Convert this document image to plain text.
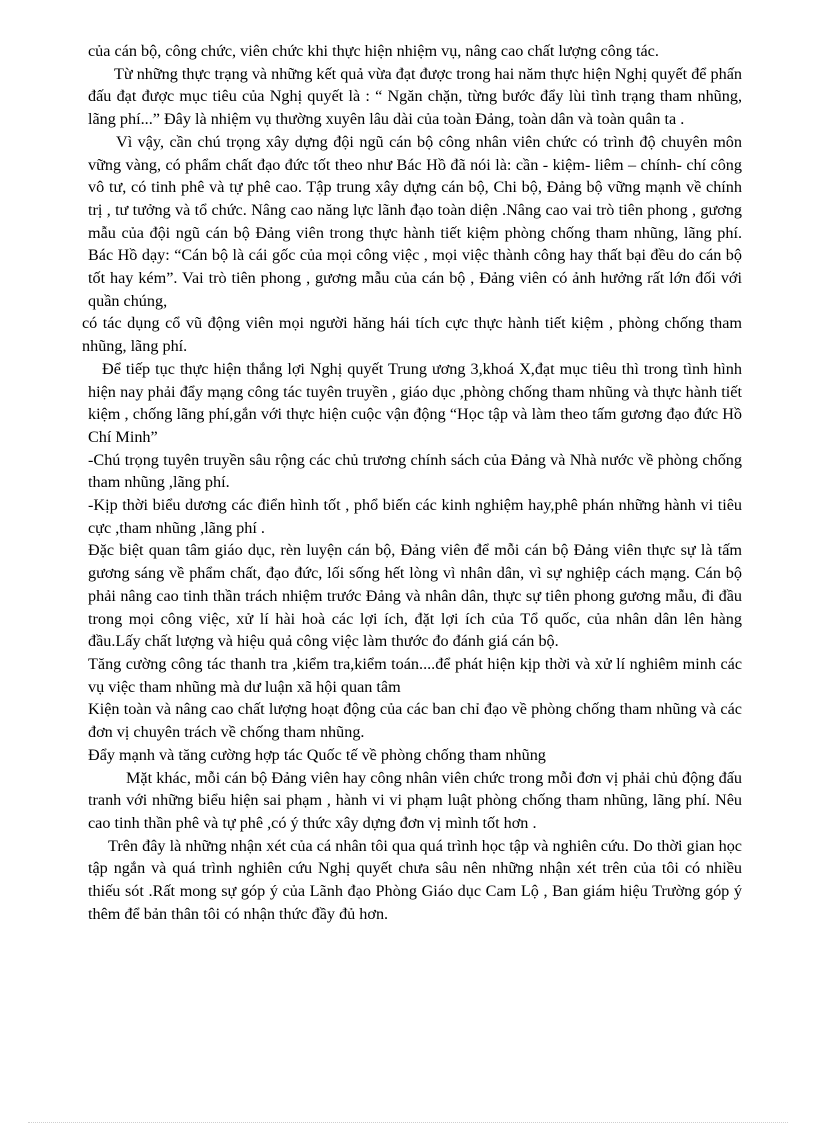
của cán bộ, công chức, viên chức khi thực hiện nhiệm vụ, nâng cao chất lượng công tác.

Từ những thực trạng và những kết quả vừa đạt được trong hai năm thực hiện Nghị quyết để phấn đấu đạt được mục tiêu của Nghị quyết là : “ Ngăn chặn, từng bước đẩy lùi tình trạng tham nhũng, lãng phí...” Đây là nhiệm vụ thường xuyên lâu dài của toàn Đảng, toàn dân và toàn quân ta .

Vì vậy, cần chú trọng xây dựng đội ngũ cán bộ công nhân viên chức có trình độ chuyên môn vững vàng, có phẩm chất đạo đức tốt theo như Bác Hồ đã nói là: cần - kiệm- liêm – chính- chí công vô tư, có tinh phê và tự phê cao. Tập trung xây dựng cán bộ, Chi bộ, Đảng bộ vững mạnh về chính trị , tư tưởng và tổ chức. Nâng cao năng lực lãnh đạo toàn diện .Nâng cao vai trò tiên phong , gương mẫu của đội ngũ cán bộ Đảng viên trong thực hành tiết kiệm phòng chống tham nhũng, lãng phí. Bác Hồ dạy: “Cán bộ là cái gốc của mọi công việc , mọi việc thành công hay thất bại đều do cán bộ tốt hay kém”. Vai trò tiên phong , gương mẫu của cán bộ , Đảng viên có ảnh hưởng rất lớn đối với quần chúng,

có tác dụng cổ vũ động viên mọi người hăng hái tích cực thực hành tiết kiệm , phòng chống tham nhũng, lãng phí.

Để tiếp tục thực hiện thắng lợi Nghị quyết Trung ương 3,khoá X,đạt mục tiêu thì trong tình hình hiện nay phải đẩy mạng công tác tuyên truyền , giáo dục ,phòng chống tham nhũng và thực hành tiết kiệm , chống lãng phí,gắn với thực hiện cuộc vận động “Học tập và làm theo tấm gương đạo đức Hồ Chí Minh”

-Chú trọng tuyên truyền sâu rộng các chủ trương chính sách của Đảng và Nhà nước về phòng chống tham nhũng ,lãng phí.

-Kịp thời biểu dương các điển hình tốt , phổ biến các kinh nghiệm hay,phê phán những hành vi tiêu cực ,tham nhũng ,lãng phí .

Đặc biệt quan tâm giáo dục, rèn luyện cán bộ, Đảng viên để mỗi cán bộ Đảng viên thực sự là tấm gương sáng về phẩm chất, đạo đức, lối sống hết lòng vì nhân dân, vì sự nghiệp cách mạng. Cán bộ phải nâng cao tinh thần trách nhiệm trước Đảng và nhân dân, thực sự tiên phong gương mẫu, đi đầu trong mọi công việc, xử lí hài hoà các lợi ích, đặt lợi ích của Tổ quốc, của nhân dân lên hàng đầu.Lấy chất lượng và hiệu quả công việc làm thước đo đánh giá cán bộ.

Tăng cường công tác thanh tra ,kiểm tra,kiểm toán....để phát hiện kịp thời và xử lí nghiêm minh các vụ việc tham nhũng mà dư luận xã hội quan tâm

Kiện toàn và nâng cao chất lượng hoạt động của các ban chỉ đạo về phòng chống tham nhũng và các đơn vị chuyên trách về chống tham nhũng.

Đẩy mạnh và tăng cường hợp tác Quốc tế về phòng chống tham nhũng

Mặt khác, mỗi cán bộ Đảng viên hay công nhân viên chức trong mỗi đơn vị phải chủ động đấu tranh với những biểu hiện sai phạm , hành vi vi phạm luật phòng chống tham nhũng, lãng phí. Nêu cao tinh thần phê và tự phê ,có ý thức xây dựng đơn vị mình tốt hơn .

Trên đây là những nhận xét của cá nhân tôi qua quá trình học tập và nghiên cứu. Do thời gian học tập ngắn và quá trình nghiên cứu Nghị quyết chưa sâu nên những nhận xét trên của tôi có nhiều thiếu sót .Rất mong sự góp ý của Lãnh đạo Phòng Giáo dục Cam Lộ , Ban giám hiệu Trường góp ý thêm để bản thân tôi có nhận thức đầy đủ hơn.
